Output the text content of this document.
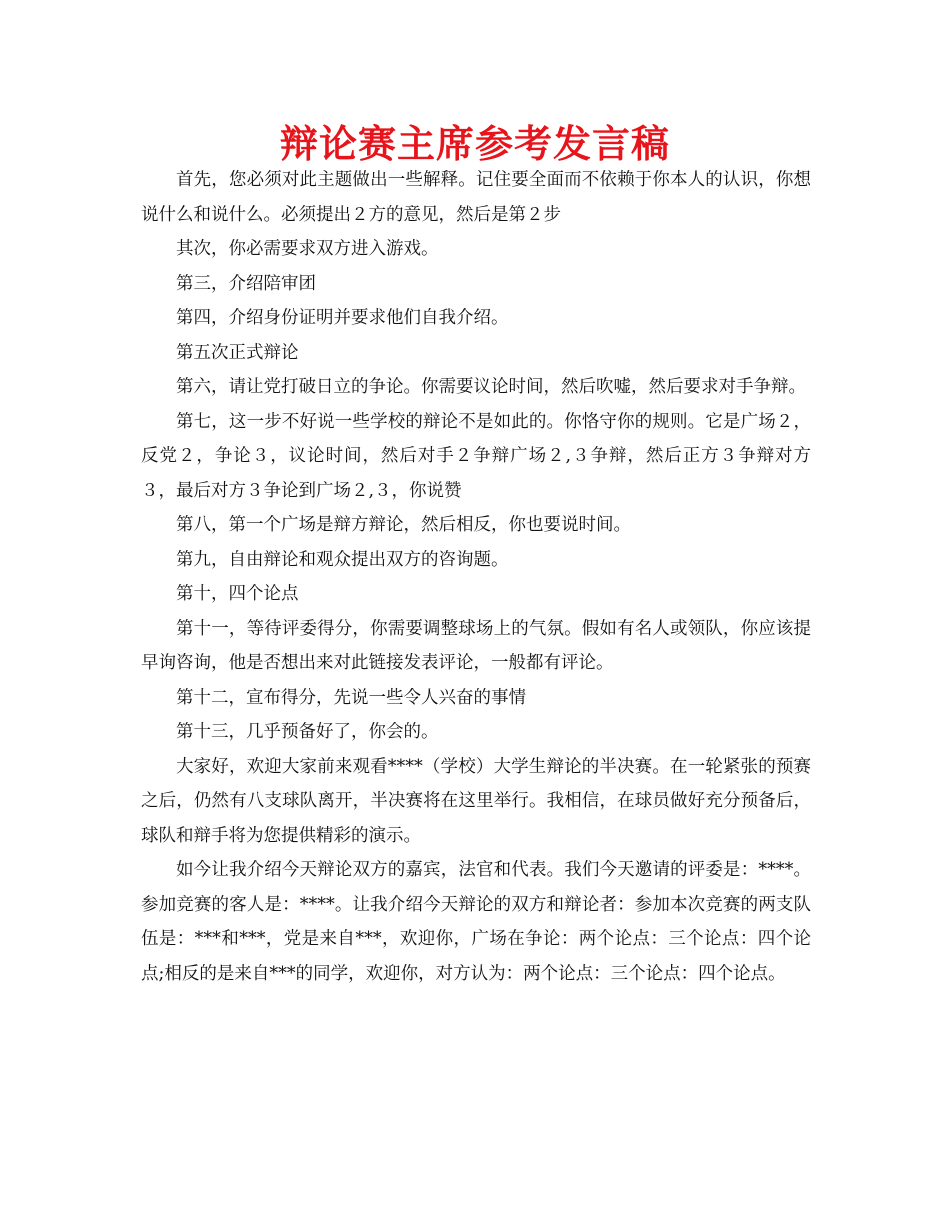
辩论赛主席参考发言稿

首先，您必须对此主题做出一些解释。记住要全面而不依赖于你本人的认识，你想说什么和说什么。必须提出２方的意见，然后是第２步

其次，你必需要求双方进入游戏。

第三，介绍陪审团

第四，介绍身份证明并要求他们自我介绍。

第五次正式辩论

第六，请让党打破日立的争论。你需要议论时间，然后吹嘘，然后要求对手争辩。

第七，这一步不好说一些学校的辩论不是如此的。你恪守你的规则。它是广场２，反党２，争论３，议论时间，然后对手２争辩广场２,３争辩，然后正方３争辩对方３，最后对方３争论到广场２,３，你说赞

第八，第一个广场是辩方辩论，然后相反，你也要说时间。

第九，自由辩论和观众提出双方的咨询题。

第十，四个论点

第十一，等待评委得分，你需要调整球场上的气氛。假如有名人或领队，你应该提早询咨询，他是否想出来对此链接发表评论，一般都有评论。

第十二，宣布得分，先说一些令人兴奋的事情

第十三，几乎预备好了，你会的。

大家好，欢迎大家前来观看****（学校）大学生辩论的半决赛。在一轮紧张的预赛之后，仍然有八支球队离开，半决赛将在这里举行。我相信，在球员做好充分预备后，球队和辩手将为您提供精彩的演示。

如今让我介绍今天辩论双方的嘉宾，法官和代表。我们今天邀请的评委是：****。参加竞赛的客人是：****。让我介绍今天辩论的双方和辩论者：参加本次竞赛的两支队伍是：***和***，党是来自***，欢迎你，广场在争论：两个论点：三个论点：四个论点;相反的是来自***的同学，欢迎你，对方认为：两个论点：三个论点：四个论点。
